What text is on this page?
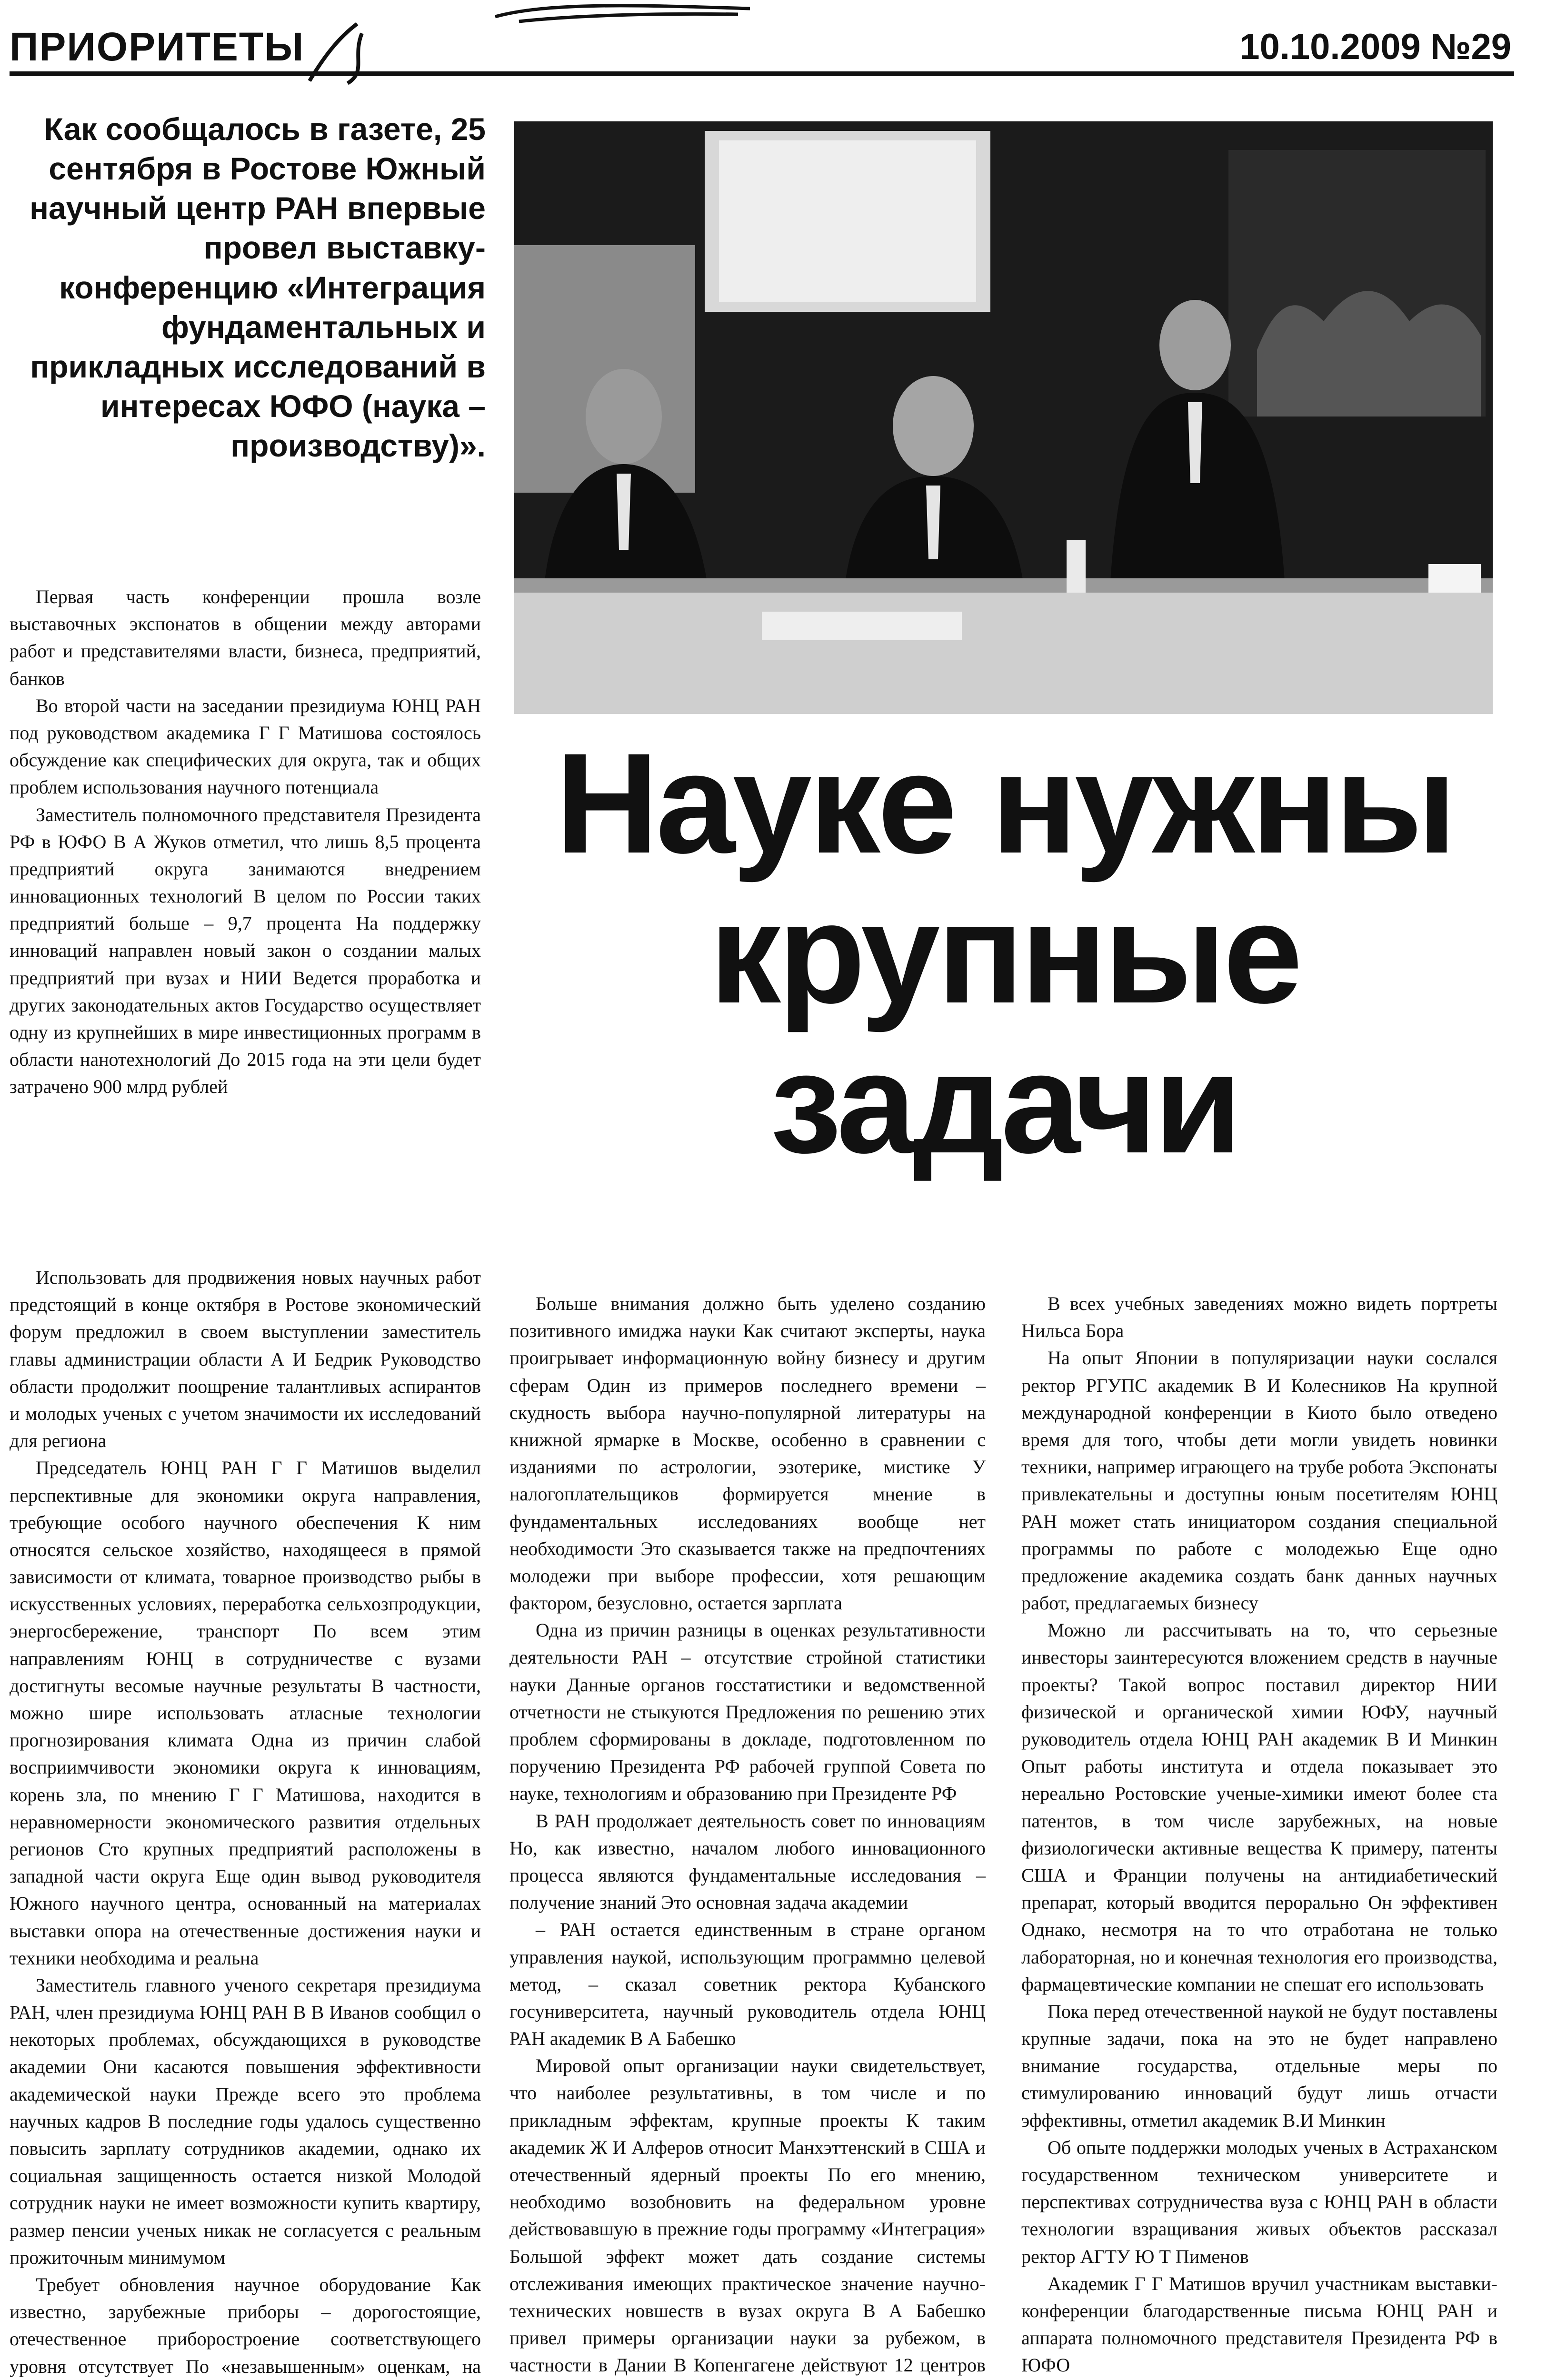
ПРИОРИТЕТЫ	10.10.2009 №29
Как сообщалось в газете, 25 сентября в Ростове Южный научный центр РАН впервые провел выставку-конференцию «Интеграция фундаментальных и прикладных исследований в интересах ЮФО (наука – производству)».
Науке нужны
крупные
задачи

Первая часть конференции прошла возле выставочных экспонатов в общении между авторами работ и представителями власти, бизнеса, предприятий, банков

Во второй части на заседании президиума ЮНЦ РАН под руководством академика Г Г Матишова состоялось обсуждение как специфических для округа, так и общих проблем использования научного потенциала

Заместитель полномочного представителя Президента РФ в ЮФО В А Жуков отметил, что лишь 8,5 процента предприятий округа занимаются внедрением инновационных технологий В целом по России таких предприятий больше – 9,7 процента На поддержку инноваций направлен новый закон о создании малых предприятий при вузах и НИИ Ведется проработка и других законодательных актов Государство осуществляет одну из крупнейших в мире инвестиционных программ в области нанотехнологий До 2015 года на эти цели будет затрачено 900 млрд рублей

Использовать для продвижения новых научных работ предстоящий в конце октября в Ростове экономический форум предложил в своем выступлении заместитель главы администрации области А И Бедрик Руководство области продолжит поощрение талантливых аспирантов и молодых ученых с учетом значимости их исследований для региона

Председатель ЮНЦ РАН Г Г Матишов выделил перспективные для экономики округа направления, требующие особого научного обеспечения К ним относятся сельское хозяйство, находящееся в прямой зависимости от климата, товарное производство рыбы в искусственных условиях, переработка сельхозпродукции, энергосбережение, транспорт По всем этим направлениям ЮНЦ в сотрудничестве с вузами достигнуты весомые научные результаты В частности, можно шире использовать атласные технологии прогнозирования климата Одна из причин слабой восприимчивости экономики округа к инновациям, корень зла, по мнению Г Г Матишова, находится в неравномерности экономического развития отдельных регионов Сто крупных предприятий расположены в западной части округа Еще один вывод руководителя Южного научного центра, основанный на материалах выставки опора на отечественные достижения науки и техники необходима и реальна

Заместитель главного ученого секретаря президиума РАН, член президиума ЮНЦ РАН В В Иванов сообщил о некоторых проблемах, обсуждающихся в руководстве академии Они касаются повышения эффективности академической науки Прежде всего это проблема научных кадров В последние годы удалось существенно повысить зарплату сотрудников академии, однако их социальная защищенность остается низкой Молодой сотрудник науки не имеет возможности купить квартиру, размер пенсии ученых никак не согласуется с реальным прожиточным минимумом

Требует обновления научное оборудование Как известно, зарубежные приборы – дорогостоящие, отечественное приборостроение соответствующего уровня отсутствует По «незавышенным» оценкам, на

Больше внимания должно быть уделено созданию позитивного имиджа науки Как считают эксперты, наука проигрывает информационную войну бизнесу и другим сферам Один из примеров последнего времени – скудность выбора научно-популярной литературы на книжной ярмарке в Москве, особенно в сравнении с изданиями по астрологии, эзотерике, мистике У налогоплательщиков формируется мнение в фундаментальных исследованиях вообще нет необходимости Это сказывается также на предпочтениях молодежи при выборе профессии, хотя решающим фактором, безусловно, остается зарплата

Одна из причин разницы в оценках результативности деятельности РАН – отсутствие стройной статистики науки Данные органов госстатистики и ведомственной отчетности не стыкуются Предложения по решению этих проблем сформированы в докладе, подготовленном по поручению Президента РФ рабочей группой Совета по науке, технологиям и образованию при Президенте РФ

В РАН продолжает деятельность совет по инновациям Но, как известно, началом любого инновационного процесса являются фундаментальные исследования – получение знаний Это основная задача академии

– РАН остается единственным в стране органом управления наукой, использующим программно целевой метод, – сказал советник ректора Кубанского госуниверситета, научный руководитель отдела ЮНЦ РАН академик В А Бабешко

Мировой опыт организации науки свидетельствует, что наиболее результативны, в том числе и по прикладным эффектам, крупные проекты К таким академик Ж И Алферов относит Манхэттенский в США и отечественный ядерный проекты По его мнению, необходимо возобновить на федеральном уровне действовавшую в прежние годы программу «Интеграция» Большой эффект может дать создание системы отслеживания имеющих практическое значение научно-технических новшеств в вузах округа В А Бабешко привел примеры организации науки за рубежом, в частности в Дании В Копенгагене действуют 12 центров

В всех учебных заведениях можно видеть портреты Нильса Бора

На опыт Японии в популяризации науки сослался ректор РГУПС академик В И Колесников На крупной международной конференции в Киото было отведено время для того, чтобы дети могли увидеть новинки техники, например играющего на трубе робота Экспонаты привлекательны и доступны юным посетителям ЮНЦ РАН может стать инициатором создания специальной программы по работе с молодежью Еще одно предложение академика создать банк данных научных работ, предлагаемых бизнесу

Можно ли рассчитывать на то, что серьезные инвесторы заинтересуются вложением средств в научные проекты? Такой вопрос поставил директор НИИ физической и органической химии ЮФУ, научный руководитель отдела ЮНЦ РАН академик В И Минкин Опыт работы института и отдела показывает это нереально Ростовские ученые-химики имеют более ста патентов, в том числе зарубежных, на новые физиологически активные вещества К примеру, патенты США и Франции получены на антидиабетический препарат, который вводится перорально Он эффективен Однако, несмотря на то что отработана не только лабораторная, но и конечная технология его производства, фармацевтические компании не спешат его использовать

Пока перед отечественной наукой не будут поставлены крупные задачи, пока на это не будет направлено внимание государства, отдельные меры по стимулированию инноваций будут лишь отчасти эффективны, отметил академик В.И Минкин

Об опыте поддержки молодых ученых в Астраханском государственном техническом университете и перспективах сотрудничества вуза с ЮНЦ РАН в области технологии взращивания живых объектов рассказал ректор АГТУ Ю Т Пименов

Академик Г Г Матишов вручил участникам выставки-конференции благодарственные письма ЮНЦ РАН и аппарата полномочного представителя Президента РФ в ЮФО
